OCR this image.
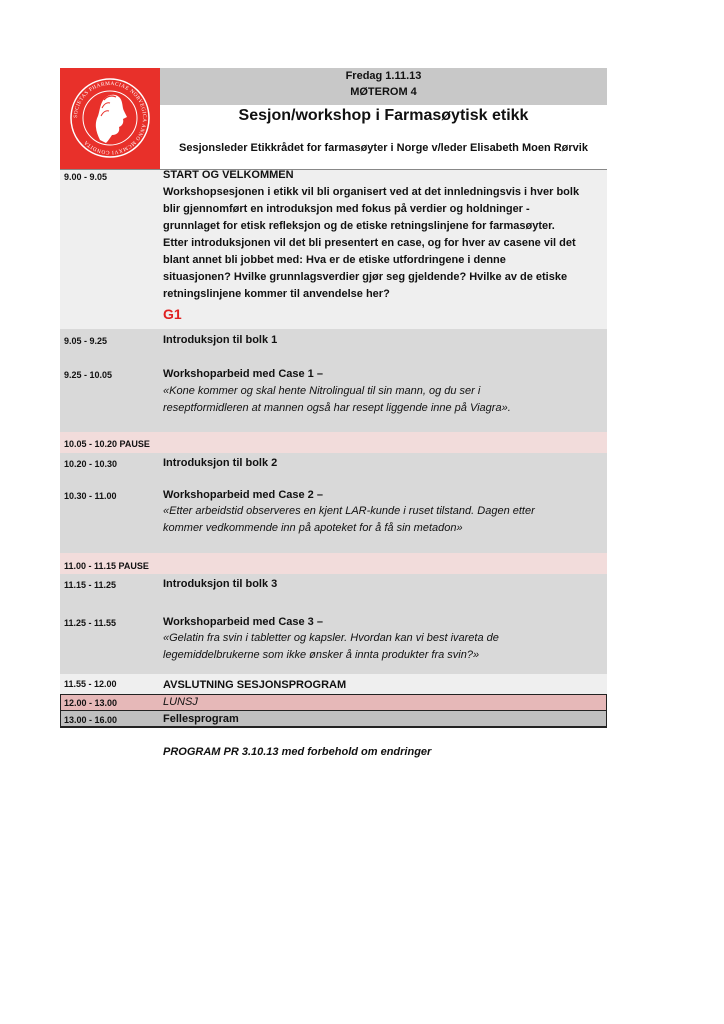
SOCIETAS PHARMACIAE NORVEGICA ANNO MCMXVI CONDITA
Fredag 1.11.13
MØTEROM 4
Sesjon/workshop i Farmasøytisk etikk
Sesjonsleder Etikkrådet for farmasøyter i Norge v/leder Elisabeth Moen Rørvik
9.00 - 9.05	START OG VELKOMMEN
Workshopsesjonen i etikk vil bli organisert ved at det innledningsvis i hver bolk
blir gjennomført en introduksjon med fokus på verdier og holdninger -
grunnlaget for etisk refleksjon og de etiske retningslinjene for farmasøyter.
Etter introduksjonen vil det bli presentert en case, og for hver av casene vil det
blant annet bli jobbet med: Hva er de etiske utfordringene i denne
situasjonen? Hvilke grunnlagsverdier gjør seg gjeldende? Hvilke av de etiske
retningslinjene kommer til anvendelse her?
G1
9.05 - 9.25	Introduksjon til bolk 1
9.25 - 10.05	Workshoparbeid med Case 1 –
«Kone kommer og skal hente Nitrolingual til sin mann, og du ser i
reseptformidleren at mannen også har resept liggende inne på Viagra».
10.05 - 10.20 PAUSE
10.20 - 10.30	Introduksjon til bolk 2
10.30 - 11.00	Workshoparbeid med Case 2 –
«Etter arbeidstid observeres en kjent LAR-kunde i ruset tilstand. Dagen etter
kommer vedkommende inn på apoteket for å få sin metadon»
11.00 - 11.15 PAUSE
11.15 - 11.25	Introduksjon til bolk 3
11.25 - 11.55	Workshoparbeid med Case 3 –
«Gelatin fra svin i tabletter og kapsler. Hvordan kan vi best ivareta de
legemiddelbrukerne som ikke ønsker å innta produkter fra svin?»
11.55 - 12.00	AVSLUTNING SESJONSPROGRAM
12.00 - 13.00	LUNSJ
13.00 - 16.00	Fellesprogram
PROGRAM PR 3.10.13 med forbehold om endringer
